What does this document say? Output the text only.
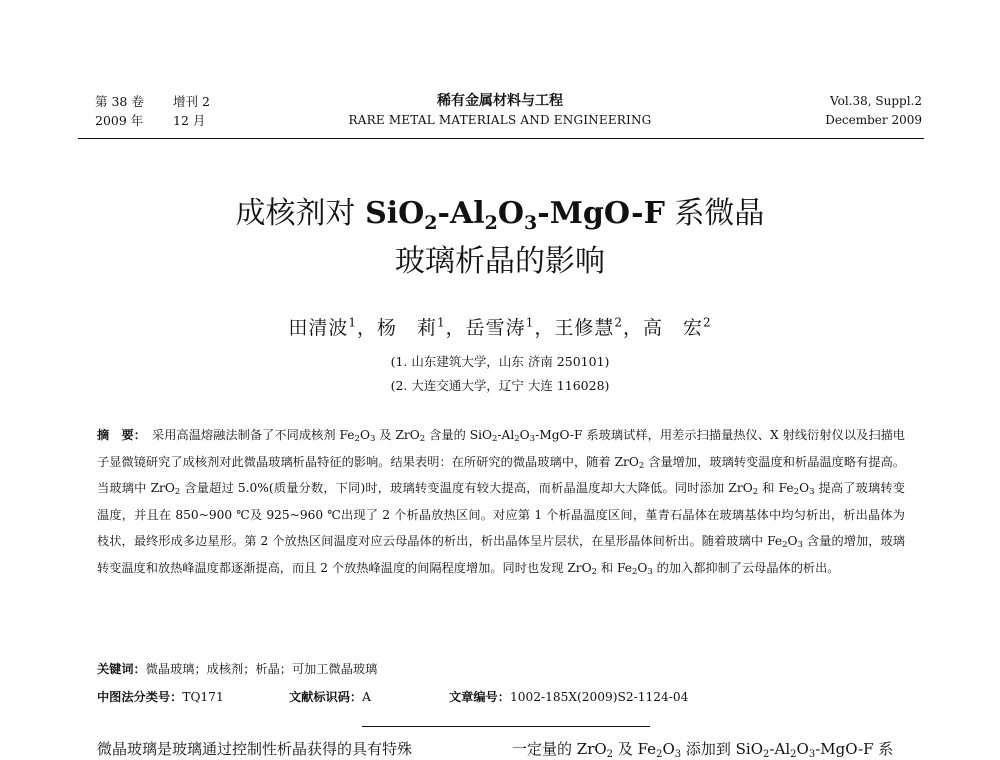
第 38 卷 增刊 2
2009 年 12 月
稀有金属材料与工程
RARE METAL MATERIALS AND ENGINEERING
Vol.38, Suppl.2
December 2009
成核剂对 $SiO_2-Al_2O_3-MgO-F$ 系微晶
玻璃析晶的影响
田清波$^1$，杨　莉$^1$，岳雪涛$^1$，王修慧$^2$，高　宏$^2$
(1. 山东建筑大学，山东 济南 250101)
(2. 大连交通大学，辽宁 大连 116028)
摘　要： 采用高温熔融法制备了不同成核剂 $Fe_2O_3$ 及 ZrO$_2$ 含量的 $SiO_2-Al_2O_3-MgO-F$ 系玻璃试样，用差示扫描量热仪、X 射线衍射仪以及扫描电子显微镜研究了成核剂对此微晶玻璃析晶特征的影响。结果表明：在所研究的微晶玻璃中，随着 ZrO$_2$ 含量增加，玻璃转变温度和析晶温度略有提高。当玻璃中 ZrO$_2$ 含量超过 5.0%(质量分数，下同)时，玻璃转变温度有较大提高，而析晶温度却大大降低。同时添加 ZrO$_2$ 和 $Fe_2O_3$ 提高了玻璃转变温度，并且在 850~900 ℃及 925~960 ℃出现了 2 个析晶放热区间。对应第 1 个析晶温度区间，堇青石晶体在玻璃基体中均匀析出，析出晶体为枝状，最终形成多边星形。第 2 个放热区间温度对应云母晶体的析出，析出晶体呈片层状，在星形晶体间析出。随着玻璃中 $Fe_2O_3$ 含量的增加，玻璃转变温度和放热峰温度都逐渐提高，而且 2 个放热峰温度的间隔程度增加。同时也发现 ZrO$_2$ 和 $Fe_2O_3$ 的加入都抑制了云母晶体的析出。
关键词：微晶玻璃；成核剂；析晶；可加工微晶玻璃
中图法分类号：TQ171	文献标识码：A	文章编号：1002-185X(2009)S2-1124-04
微晶玻璃是玻璃通过控制性析晶获得的具有特殊	一定量的 ZrO$_2$ 及 $Fe_2O_3$ 添加到 $SiO_2-Al_2O_3-MgO-F$ 系
